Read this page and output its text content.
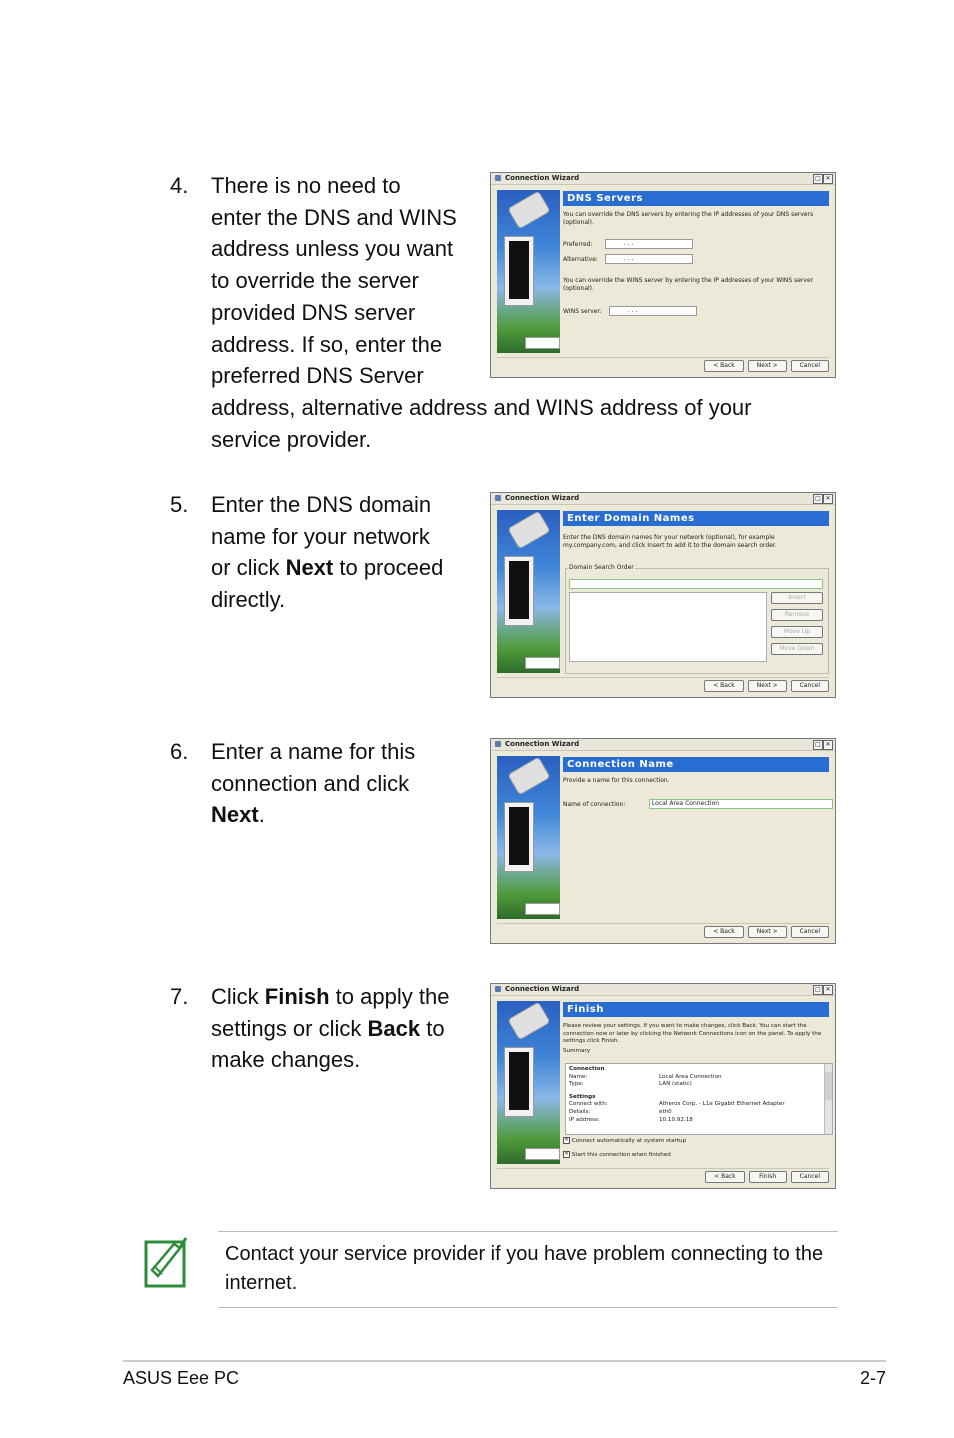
4. There is no need to
enter the DNS and WINS
address unless you want
to override the server
provided DNS server
address. If so, enter the
preferred DNS Server
address, alternative address and WINS address of your
service provider.
Connection Wizard	□ ✕
DNS Servers
You can override the DNS servers by entering the IP addresses of your DNS servers (optional).
Preferred:	. . .
Alternative:	. . .
You can override the WINS server by entering the IP addresses of your WINS server (optional).
WINS server:	. . .
< Back	Next >	Cancel
5. Enter the DNS domain
name for your network
or click Next to proceed
directly.
Connection Wizard	□ ✕
Enter Domain Names
Enter the DNS domain names for your network (optional), for example my.company.com, and click Insert to add it to the domain search order.
Domain Search Order
Insert
Remove
Move Up
Move Down
< Back	Next >	Cancel
6. Enter a name for this
connection and click
Next.
Connection Wizard	□ ✕
Connection Name
Provide a name for this connection.
Name of connection:	Local Area Connection
< Back	Next >	Cancel
7. Click Finish to apply the
settings or click Back to
make changes.
Connection Wizard	□ ✕
Finish
Please review your settings. If you want to make changes, click Back. You can start the connection now or later by clicking the Network Connections icon on the panel. To apply the settings click Finish.
Summary
Connection
Name:	Local Area Connection
Type:	LAN (static)
Settings
Connect with:	Atheros Corp. - L1e Gigabit Ethernet Adapter
Details:	eth0
IP address:	10.10.92.18
✕ Connect automatically at system startup
✕ Start this connection when finished
< Back	Finish	Cancel
Contact your service provider if you have problem connecting to the internet.
ASUS Eee PC	2-7
